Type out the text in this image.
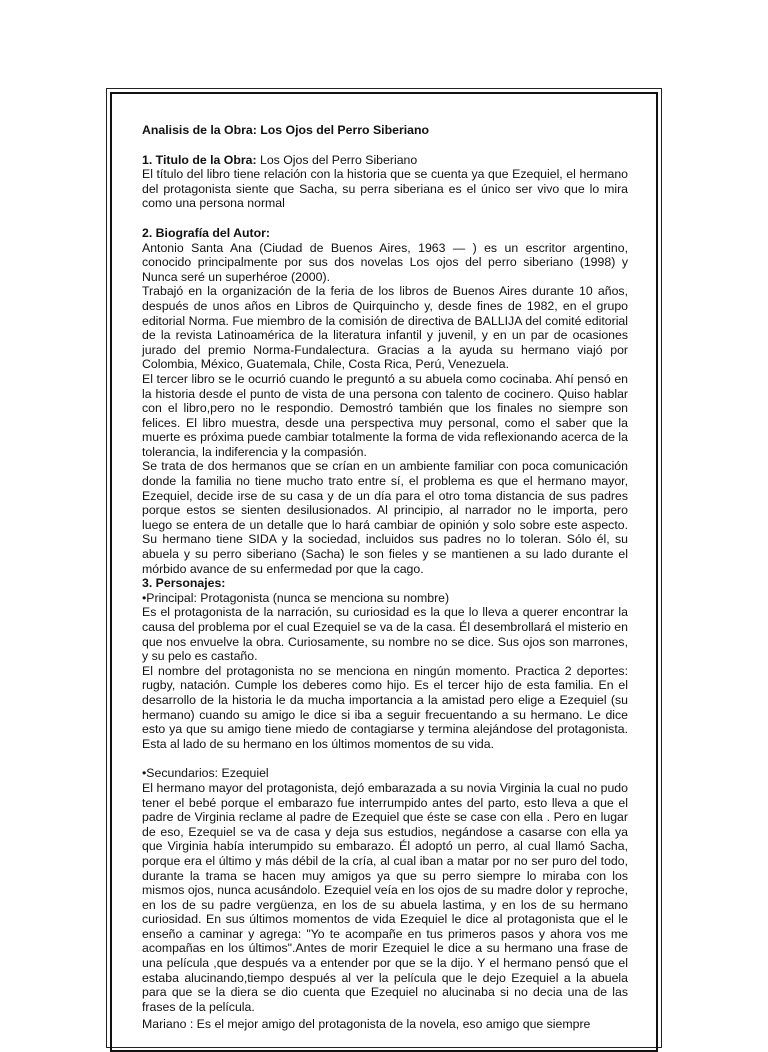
Analisis de la Obra: Los Ojos del Perro Siberiano

1. Titulo de la Obra: Los Ojos del Perro Siberiano

El título del libro tiene relación con la historia que se cuenta ya que Ezequiel, el hermano del protagonista siente que Sacha, su perra siberiana es el único ser vivo que lo mira como una persona normal

2. Biografía del Autor:

Antonio Santa Ana (Ciudad de Buenos Aires, 1963 — ) es un escritor argentino, conocido principalmente por sus dos novelas Los ojos del perro siberiano (1998) y Nunca seré un superhéroe (2000).

Trabajó en la organización de la feria de los libros de Buenos Aires durante 10 años, después de unos años en Libros de Quirquincho y, desde fines de 1982, en el grupo editorial Norma. Fue miembro de la comisión de directiva de BALLIJA del comité editorial de la revista Latinoamérica de la literatura infantil y juvenil, y en un par de ocasiones jurado del premio Norma-Fundalectura. Gracias a la ayuda su hermano viajó por Colombia, México, Guatemala, Chile, Costa Rica, Perú, Venezuela.

El tercer libro se le ocurrió cuando le preguntó a su abuela como cocinaba. Ahí pensó en la historia desde el punto de vista de una persona con talento de cocinero. Quiso hablar con el libro,pero no le respondio. Demostró también que los finales no siempre son felices. El libro muestra, desde una perspectiva muy personal, como el saber que la muerte es próxima puede cambiar totalmente la forma de vida reflexionando acerca de la tolerancia, la indiferencia y la compasión.

Se trata de dos hermanos que se crían en un ambiente familiar con poca comunicación donde la familia no tiene mucho trato entre sí, el problema es que el hermano mayor, Ezequiel, decide irse de su casa y de un día para el otro toma distancia de sus padres porque estos se sienten desilusionados. Al principio, al narrador no le importa, pero luego se entera de un detalle que lo hará cambiar de opinión y solo sobre este aspecto. Su hermano tiene SIDA y la sociedad, incluidos sus padres no lo toleran. Sólo él, su abuela y su perro siberiano (Sacha) le son fieles y se mantienen a su lado durante el mórbido avance de su enfermedad por que la cago.

3. Personajes:

•Principal: Protagonista (nunca se menciona su nombre)

Es el protagonista de la narración, su curiosidad es la que lo lleva a querer encontrar la causa del problema por el cual Ezequiel se va de la casa. Él desembrollará el misterio en que nos envuelve la obra. Curiosamente, su nombre no se dice. Sus ojos son marrones, y su pelo es castaño.

El nombre del protagonista no se menciona en ningún momento. Practica 2 deportes: rugby, natación. Cumple los deberes como hijo. Es el tercer hijo de esta familia. En el desarrollo de la historia le da mucha importancia a la amistad pero elige a Ezequiel (su hermano) cuando su amigo le dice si iba a seguir frecuentando a su hermano. Le dice esto ya que su amigo tiene miedo de contagiarse y termina alejándose del protagonista. Esta al lado de su hermano en los últimos momentos de su vida.

•Secundarios: Ezequiel

El hermano mayor del protagonista, dejó embarazada a su novia Virginia la cual no pudo tener el bebé porque el embarazo fue interrumpido antes del parto, esto lleva a que el padre de Virginia reclame al padre de Ezequiel que éste se case con ella . Pero en lugar de eso, Ezequiel se va de casa y deja sus estudios, negándose a casarse con ella ya que Virginia había interumpido su embarazo. Él adoptó un perro, al cual llamó Sacha, porque era el último y más débil de la cría, al cual iban a matar por no ser puro del todo, durante la trama se hacen muy amigos ya que su perro siempre lo miraba con los mismos ojos, nunca acusándolo. Ezequiel veía en los ojos de su madre dolor y reproche, en los de su padre vergüenza, en los de su abuela lastima, y en los de su hermano curiosidad. En sus últimos momentos de vida Ezequiel le dice al protagonista que el le enseño a caminar y agrega: "Yo te acompañe en tus primeros pasos y ahora vos me acompañas en los últimos".Antes de morir Ezequiel le dice a su hermano una frase de una película ,que después va a entender por que se la dijo. Y el hermano pensó que el estaba alucinando,tiempo después al ver la película que le dejo Ezequiel a la abuela para que se la diera se dio cuenta que Ezequiel no alucinaba si no decia una de las frases de la película.

Mariano : Es el mejor amigo del protagonista de la novela, eso amigo que siempre
